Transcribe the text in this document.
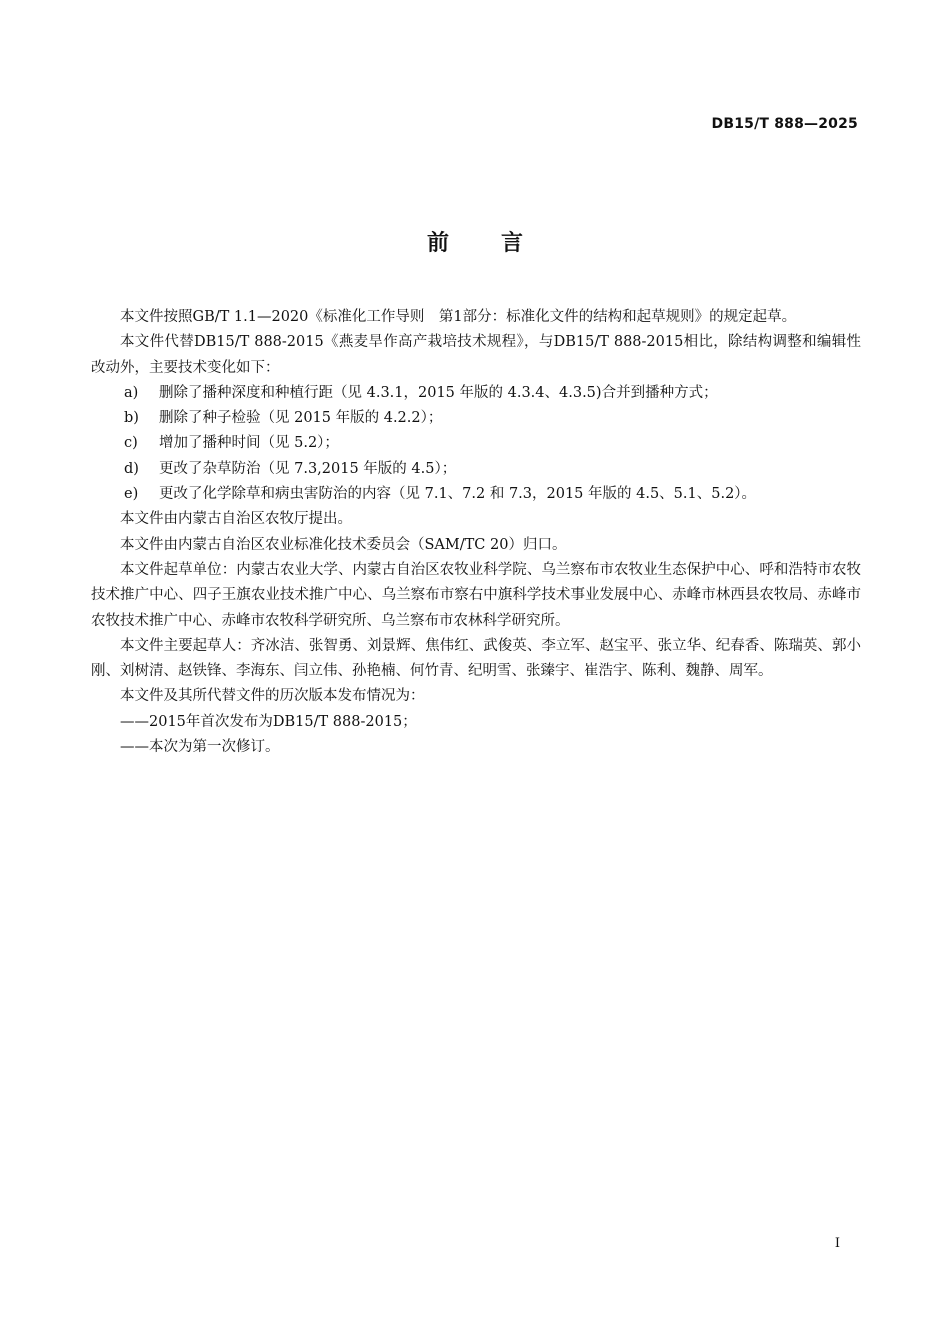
DB15/T 888—2025
前 言

本文件按照GB/T 1.1—2020《标准化工作导则　第1部分：标准化文件的结构和起草规则》的规定起草。

本文件代替DB15/T 888-2015《燕麦旱作高产栽培技术规程》，与DB15/T 888-2015相比，除结构调整和编辑性改动外，主要技术变化如下：

a) 删除了播种深度和种植行距（见 4.3.1，2015 年版的 4.3.4、4.3.5)合并到播种方式；

b) 删除了种子检验（见 2015 年版的 4.2.2）；

c) 增加了播种时间（见 5.2）；

d) 更改了杂草防治（见 7.3,2015 年版的 4.5）；

e) 更改了化学除草和病虫害防治的内容（见 7.1、7.2 和 7.3，2015 年版的 4.5、5.1、5.2）。

本文件由内蒙古自治区农牧厅提出。

本文件由内蒙古自治区农业标准化技术委员会（SAM/TC 20）归口。

本文件起草单位：内蒙古农业大学、内蒙古自治区农牧业科学院、乌兰察布市农牧业生态保护中心、呼和浩特市农牧技术推广中心、四子王旗农业技术推广中心、乌兰察布市察右中旗科学技术事业发展中心、赤峰市林西县农牧局、赤峰市农牧技术推广中心、赤峰市农牧科学研究所、乌兰察布市农林科学研究所。

本文件主要起草人：齐冰洁、张智勇、刘景辉、焦伟红、武俊英、李立军、赵宝平、张立华、纪春香、陈瑞英、郭小刚、刘树清、赵铁锋、李海东、闫立伟、孙艳楠、何竹青、纪明雪、张臻宇、崔浩宇、陈利、魏静、周军。

本文件及其所代替文件的历次版本发布情况为：

——2015年首次发布为DB15/T 888-2015；

——本次为第一次修订。

I
